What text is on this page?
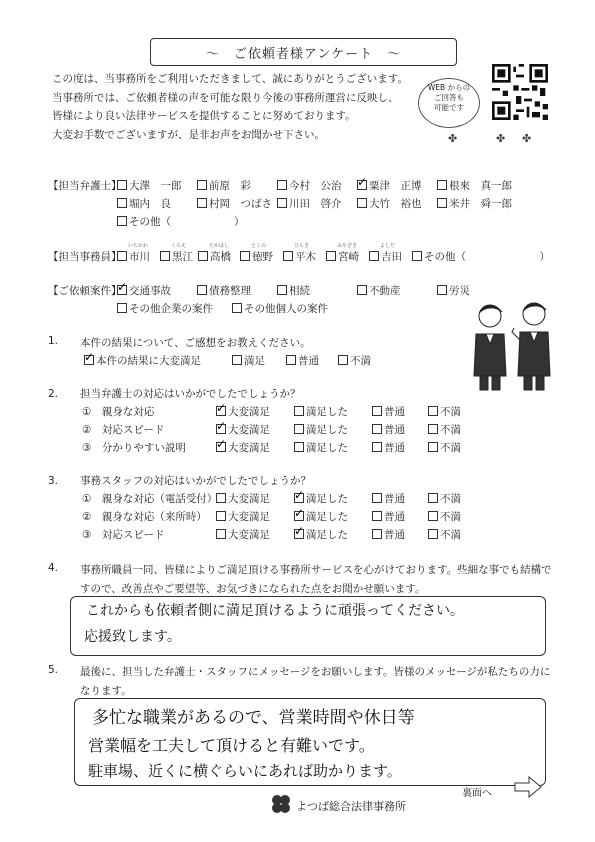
～　ご依頼者様アンケート　～
この度は、当事務所をご利用いただきまして、誠にありがとうございます。
当事務所では、ご依頼者様の声を可能な限り今後の事務所運営に反映し、
皆様により良い法律サービスを提供することに努めております。
大変お手数でございますが、是非お声をお聞かせ下さい。
WEB からの
ご回答も
可能です
✤	✤ ✤
【担当弁護士】
その他（　　　　　　）
【担当事務員】
【ご依頼案件】
1. 本件の結果について、ご感想をお教えください。
2. 担当弁護士の対応はいかがでしたでしょうか？
3. 事務スタッフの対応はいかがでしたでしょうか？
4. 事務所職員一同、皆様によりご満足頂ける事務所サービスを心がけております。些細な事でも結構で
すので、改善点やご要望等、お気づきになられた点をお聞かせ願います。
これからも依頼者側に満足頂けるように頑張ってください。
応援致します。
5. 最後に、担当した弁護士・スタッフにメッセージをお願いします。皆様のメッセージが私たちの力に
なります。
多忙な職業があるので、営業時間や休日等
営業幅を工夫して頂けると有難いです。
駐車場、近くに横ぐらいにあれば助かります。
裏面へ
よつば総合法律事務所
大澤　一郎	前原　彩	今村　公治 ✓	粟津　正博	根來　真一郎
堀内　良	村岡　つばさ	川田　啓介	大竹　裕也	米井　舜一郎
市川
いちかわ
黒江
くろえ
高橋
たかはし
徳野
とくの
平木
ひらき
宮崎
みやざき
吉田
よしだ
その他（　　　　　　　）
✓交通事故	債務整理	相続	不動産	労災
その他企業の案件	その他個人の案件
✓本件の結果に大変満足	満足	普通	不満
①　親身な対応 ✓	大変満足	満足した	普通	不満
②　対応スピード ✓	大変満足	満足した	普通	不満
③　分かりやすい説明 ✓	大変満足	満足した	普通	不満
①　親身な対応（電話受付）	大変満足 ✓	満足した	普通	不満
②　親身な対応（来所時）	大変満足 ✓	満足した	普通	不満
③　対応スピード	大変満足 ✓	満足した	普通	不満
